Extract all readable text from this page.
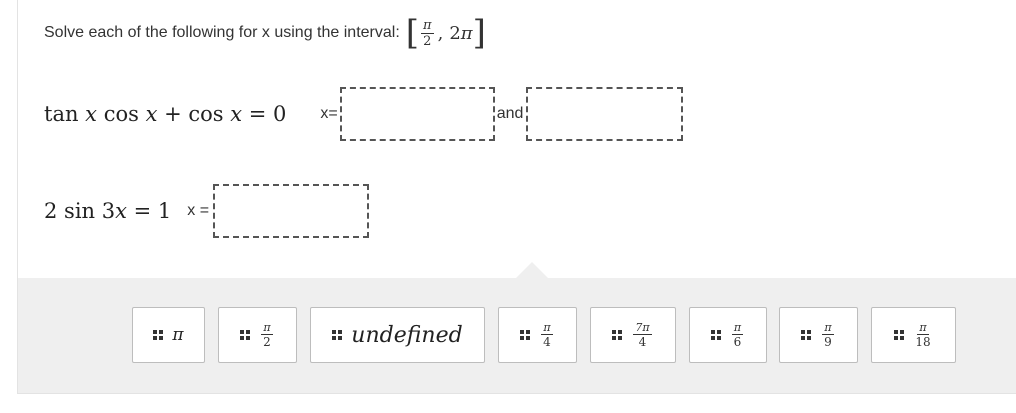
Solve each of the following for x using the interval: [ $\frac{\pi}{2}$ , 2π ]
tan x cos x + cos x = 0 x=	and
2 sin 3x = 1 x =
π	$\frac{\pi}{2}$	undefined	$\frac{\pi}{4}$	$\frac{7\pi}{4}$	$\frac{\pi}{6}$	$\frac{\pi}{9}$	$\frac{\pi}{18}$
